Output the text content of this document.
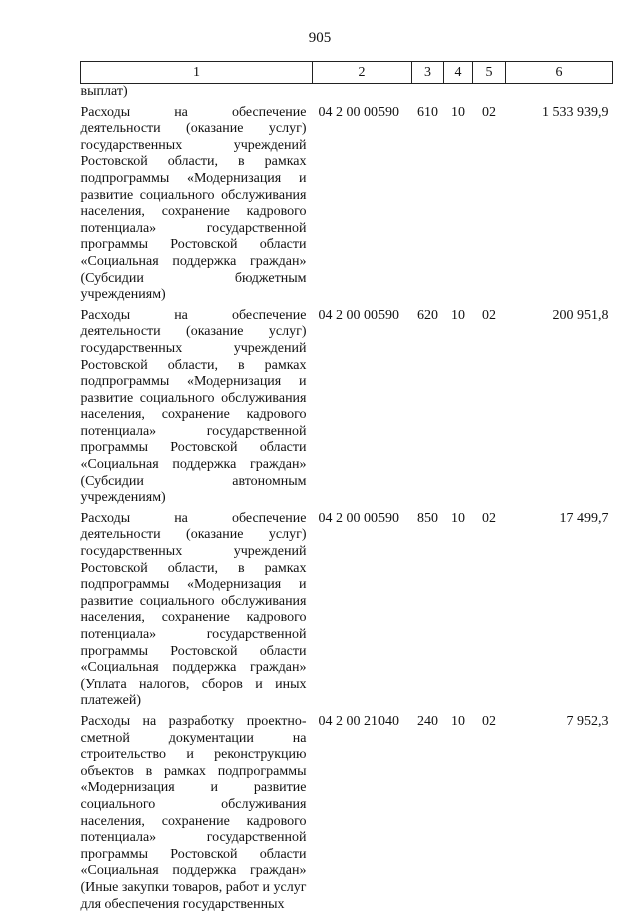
905
1	2	3	4	5	6
выплат)					

Расходы на обеспечение деятельности (оказание услуг) государственных учреждений Ростовской области, в рамках подпрограммы «Модернизация и развитие социального обслуживания населения, сохранение кадрового потенциала» государственной программы Ростовской области «Социальная поддержка граждан» (Субсидии бюджетным учреждениям)	04 2 00 00590	610	10	02	1 533 939,9

Расходы на обеспечение деятельности (оказание услуг) государственных учреждений Ростовской области, в рамках подпрограммы «Модернизация и развитие социального обслуживания населения, сохранение кадрового потенциала» государственной программы Ростовской области «Социальная поддержка граждан» (Субсидии автономным учреждениям)	04 2 00 00590	620	10	02	200 951,8

Расходы на обеспечение деятельности (оказание услуг) государственных учреждений Ростовской области, в рамках подпрограммы «Модернизация и развитие социального обслуживания населения, сохранение кадрового потенциала» государственной программы Ростовской области «Социальная поддержка граждан» (Уплата налогов, сборов и иных платежей)	04 2 00 00590	850	10	02	17 499,7

Расходы на разработку проектно-сметной документации на строительство и реконструкцию объектов в рамках подпрограммы «Модернизация и развитие социального обслуживания населения, сохранение кадрового потенциала» государственной программы Ростовской области «Социальная поддержка граждан» (Иные закупки товаров, работ и услуг для обеспечения государственных	04 2 00 21040	240	10	02	7 952,3
